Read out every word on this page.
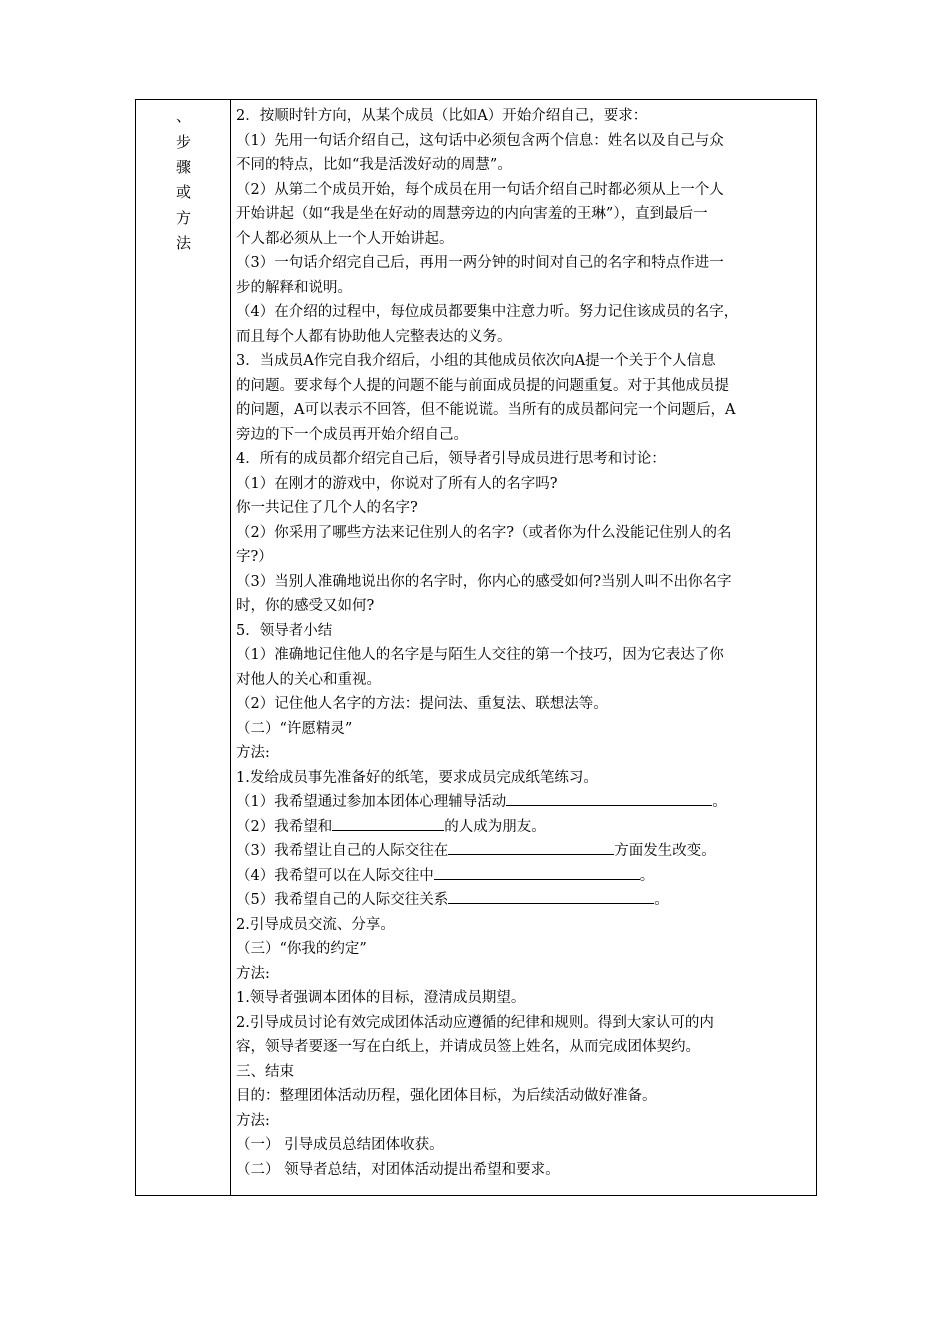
、
步
骤
或
方
法
2．按顺时针方向，从某个成员（比如A）开始介绍自己，要求：
（1）先用一句话介绍自己，这句话中必须包含两个信息：姓名以及自己与众
不同的特点，比如“我是活泼好动的周慧”。
（2）从第二个成员开始，每个成员在用一句话介绍自己时都必须从上一个人
开始讲起（如“我是坐在好动的周慧旁边的内向害羞的王琳”），直到最后一
个人都必须从上一个人开始讲起。
（3）一句话介绍完自己后，再用一两分钟的时间对自己的名字和特点作进一
步的解释和说明。
（4）在介绍的过程中，每位成员都要集中注意力听。努力记住该成员的名字，
而且每个人都有协助他人完整表达的义务。
3．当成员A作完自我介绍后，小组的其他成员依次向A提一个关于个人信息
的问题。要求每个人提的问题不能与前面成员提的问题重复。对于其他成员提
的问题，A可以表示不回答，但不能说谎。当所有的成员都问完一个问题后，A
旁边的下一个成员再开始介绍自己。
4．所有的成员都介绍完自己后，领导者引导成员进行思考和讨论：
（1）在刚才的游戏中，你说对了所有人的名字吗?
你一共记住了几个人的名字?
（2）你采用了哪些方法来记住别人的名字?（或者你为什么没能记住别人的名
字?）
（3）当别人准确地说出你的名字时，你内心的感受如何?当别人叫不出你名字
时，你的感受又如何?
5．领导者小结
（1）准确地记住他人的名字是与陌生人交往的第一个技巧，因为它表达了你
对他人的关心和重视。
（2）记住他人名字的方法：提问法、重复法、联想法等。
（二）“许愿精灵”
方法:
1.发给成员事先准备好的纸笔，要求成员完成纸笔练习。
（1）我希望通过参加本团体心理辅导活动	。
（2）我希望和	的人成为朋友。
（3）我希望让自己的人际交往在	方面发生改变。
（4）我希望可以在人际交往中	。
（5）我希望自己的人际交往关系	。
2.引导成员交流、分享。
（三）“你我的约定”
方法:
1.领导者强调本团体的目标，澄清成员期望。
2.引导成员讨论有效完成团体活动应遵循的纪律和规则。得到大家认可的内
容，领导者要逐一写在白纸上，并请成员签上姓名，从而完成团体契约。
三、结束
目的：整理团体活动历程，强化团体目标，为后续活动做好准备。
方法:
（一） 引导成员总结团体收获。
（二） 领导者总结，对团体活动提出希望和要求。
